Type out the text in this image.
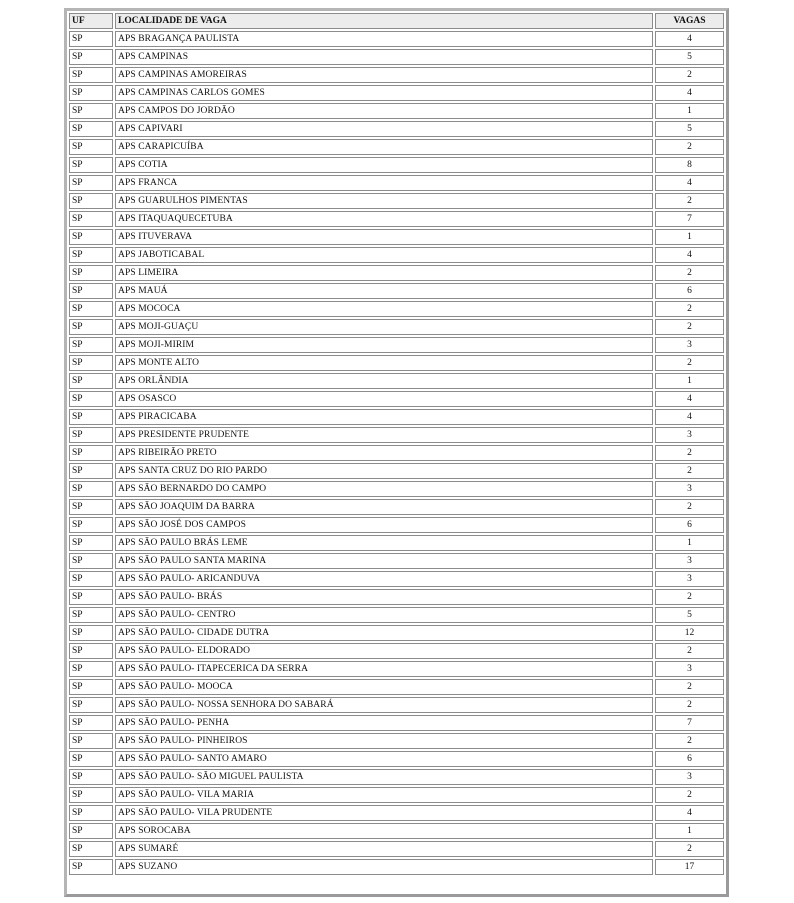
UF	LOCALIDADE DE VAGA	VAGAS
SP	APS BRAGANÇA PAULISTA	4
SP	APS CAMPINAS	5
SP	APS CAMPINAS AMOREIRAS	2
SP	APS CAMPINAS CARLOS GOMES	4
SP	APS CAMPOS DO JORDÃO	1
SP	APS CAPIVARI	5
SP	APS CARAPICUÍBA	2
SP	APS COTIA	8
SP	APS FRANCA	4
SP	APS GUARULHOS PIMENTAS	2
SP	APS ITAQUAQUECETUBA	7
SP	APS ITUVERAVA	1
SP	APS JABOTICABAL	4
SP	APS LIMEIRA	2
SP	APS MAUÁ	6
SP	APS MOCOCA	2
SP	APS MOJI-GUAÇU	2
SP	APS MOJI-MIRIM	3
SP	APS MONTE ALTO	2
SP	APS ORLÂNDIA	1
SP	APS OSASCO	4
SP	APS PIRACICABA	4
SP	APS PRESIDENTE PRUDENTE	3
SP	APS RIBEIRÃO PRETO	2
SP	APS SANTA CRUZ DO RIO PARDO	2
SP	APS SÃO BERNARDO DO CAMPO	3
SP	APS SÃO JOAQUIM DA BARRA	2
SP	APS SÃO JOSÉ DOS CAMPOS	6
SP	APS SÃO PAULO BRÁS LEME	1
SP	APS SÃO PAULO SANTA MARINA	3
SP	APS SÃO PAULO- ARICANDUVA	3
SP	APS SÃO PAULO- BRÁS	2
SP	APS SÃO PAULO- CENTRO	5
SP	APS SÃO PAULO- CIDADE DUTRA	12
SP	APS SÃO PAULO- ELDORADO	2
SP	APS SÃO PAULO- ITAPECERICA DA SERRA	3
SP	APS SÃO PAULO- MOOCA	2
SP	APS SÃO PAULO- NOSSA SENHORA DO SABARÁ	2
SP	APS SÃO PAULO- PENHA	7
SP	APS SÃO PAULO- PINHEIROS	2
SP	APS SÃO PAULO- SANTO AMARO	6
SP	APS SÃO PAULO- SÃO MIGUEL PAULISTA	3
SP	APS SÃO PAULO- VILA MARIA	2
SP	APS SÃO PAULO- VILA PRUDENTE	4
SP	APS SOROCABA	1
SP	APS SUMARÉ	2
SP	APS SUZANO	17
